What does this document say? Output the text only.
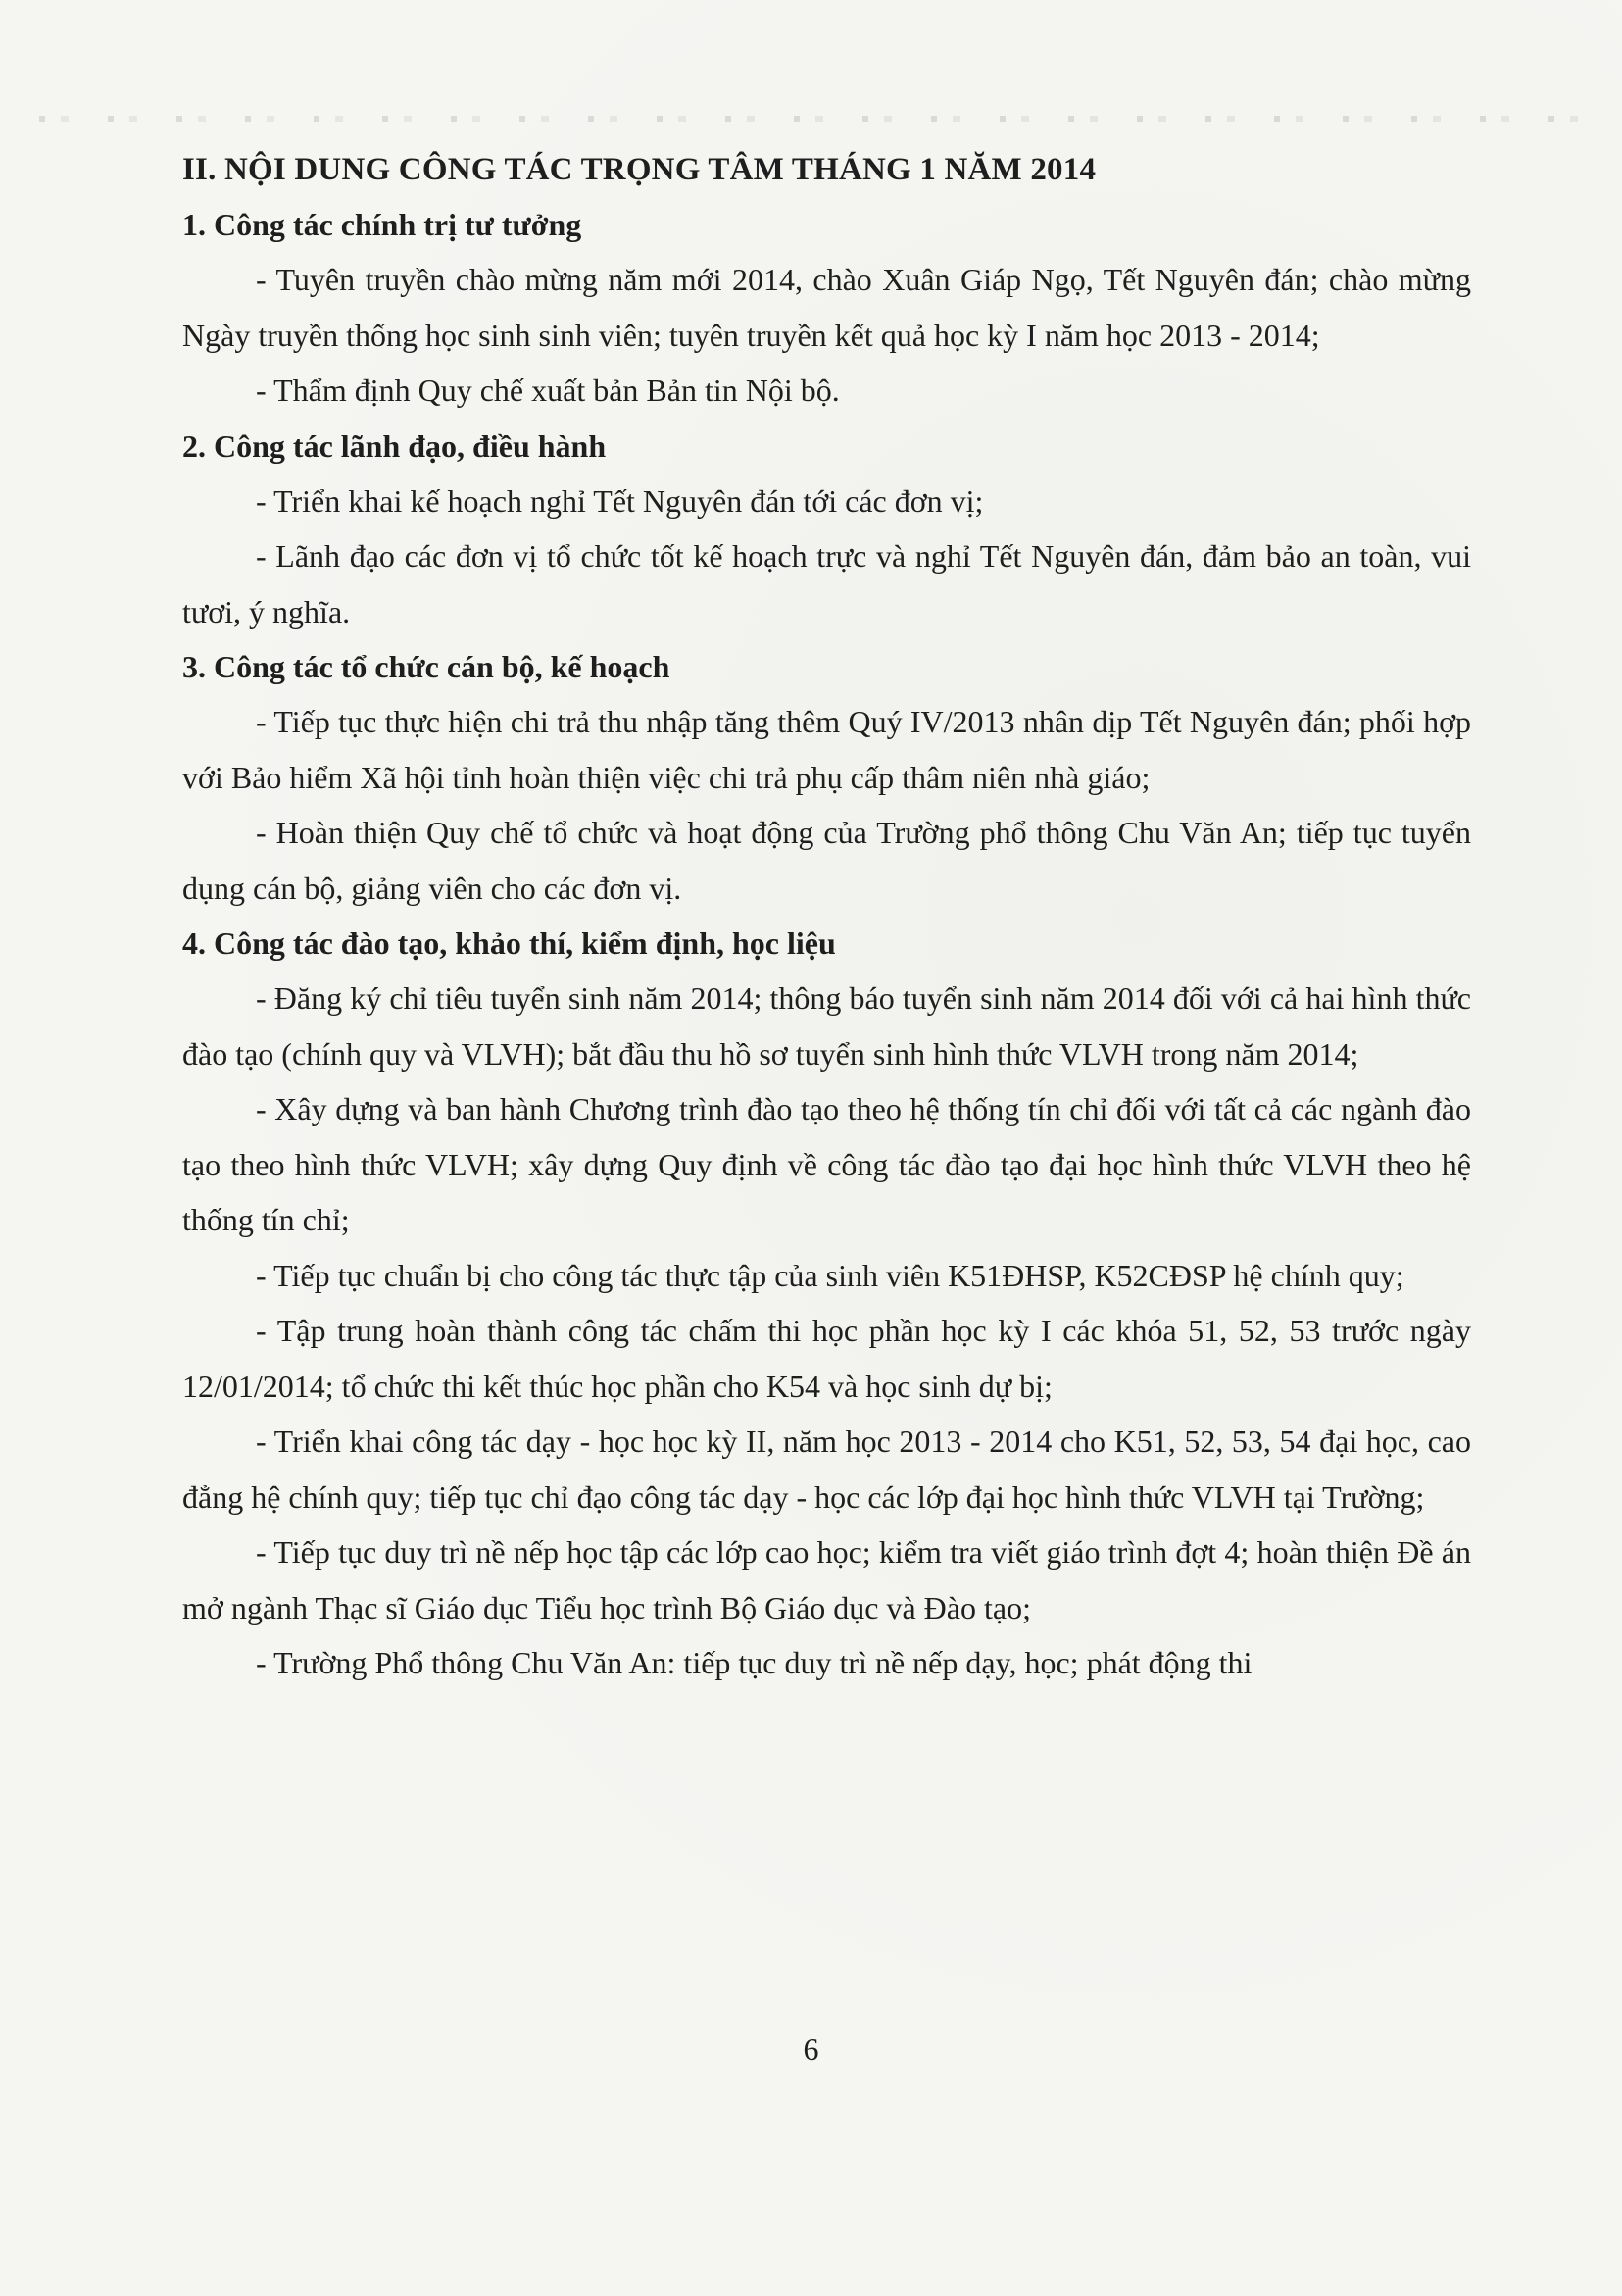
II. NỘI DUNG CÔNG TÁC TRỌNG TÂM THÁNG 1 NĂM 2014
1. Công tác chính trị tư tưởng

- Tuyên truyền chào mừng năm mới 2014, chào Xuân Giáp Ngọ, Tết Nguyên đán; chào mừng Ngày truyền thống học sinh sinh viên; tuyên truyền kết quả học kỳ I năm học 2013 - 2014;

- Thẩm định Quy chế xuất bản Bản tin Nội bộ.

2. Công tác lãnh đạo, điều hành

- Triển khai kế hoạch nghỉ Tết Nguyên đán tới các đơn vị;

- Lãnh đạo các đơn vị tổ chức tốt kế hoạch trực và nghỉ Tết Nguyên đán, đảm bảo an toàn, vui tươi, ý nghĩa.

3. Công tác tổ chức cán bộ, kế hoạch

- Tiếp tục thực hiện chi trả thu nhập tăng thêm Quý IV/2013 nhân dịp Tết Nguyên đán; phối hợp với Bảo hiểm Xã hội tỉnh hoàn thiện việc chi trả phụ cấp thâm niên nhà giáo;

- Hoàn thiện Quy chế tổ chức và hoạt động của Trường phổ thông Chu Văn An; tiếp tục tuyển dụng cán bộ, giảng viên cho các đơn vị.

4. Công tác đào tạo, khảo thí, kiểm định, học liệu

- Đăng ký chỉ tiêu tuyển sinh năm 2014; thông báo tuyển sinh năm 2014 đối với cả hai hình thức đào tạo (chính quy và VLVH); bắt đầu thu hồ sơ tuyển sinh hình thức VLVH trong năm 2014;

- Xây dựng và ban hành Chương trình đào tạo theo hệ thống tín chỉ đối với tất cả các ngành đào tạo theo hình thức VLVH; xây dựng Quy định về công tác đào tạo đại học hình thức VLVH theo hệ thống tín chỉ;

- Tiếp tục chuẩn bị cho công tác thực tập của sinh viên K51ĐHSP, K52CĐSP hệ chính quy;

- Tập trung hoàn thành công tác chấm thi học phần học kỳ I các khóa 51, 52, 53 trước ngày 12/01/2014; tổ chức thi kết thúc học phần cho K54 và học sinh dự bị;

- Triển khai công tác dạy - học học kỳ II, năm học 2013 - 2014 cho K51, 52, 53, 54 đại học, cao đẳng hệ chính quy; tiếp tục chỉ đạo công tác dạy - học các lớp đại học hình thức VLVH tại Trường;

- Tiếp tục duy trì nề nếp học tập các lớp cao học; kiểm tra viết giáo trình đợt 4; hoàn thiện Đề án mở ngành Thạc sĩ Giáo dục Tiểu học trình Bộ Giáo dục và Đào tạo;

- Trường Phổ thông Chu Văn An: tiếp tục duy trì nề nếp dạy, học; phát động thi

6
